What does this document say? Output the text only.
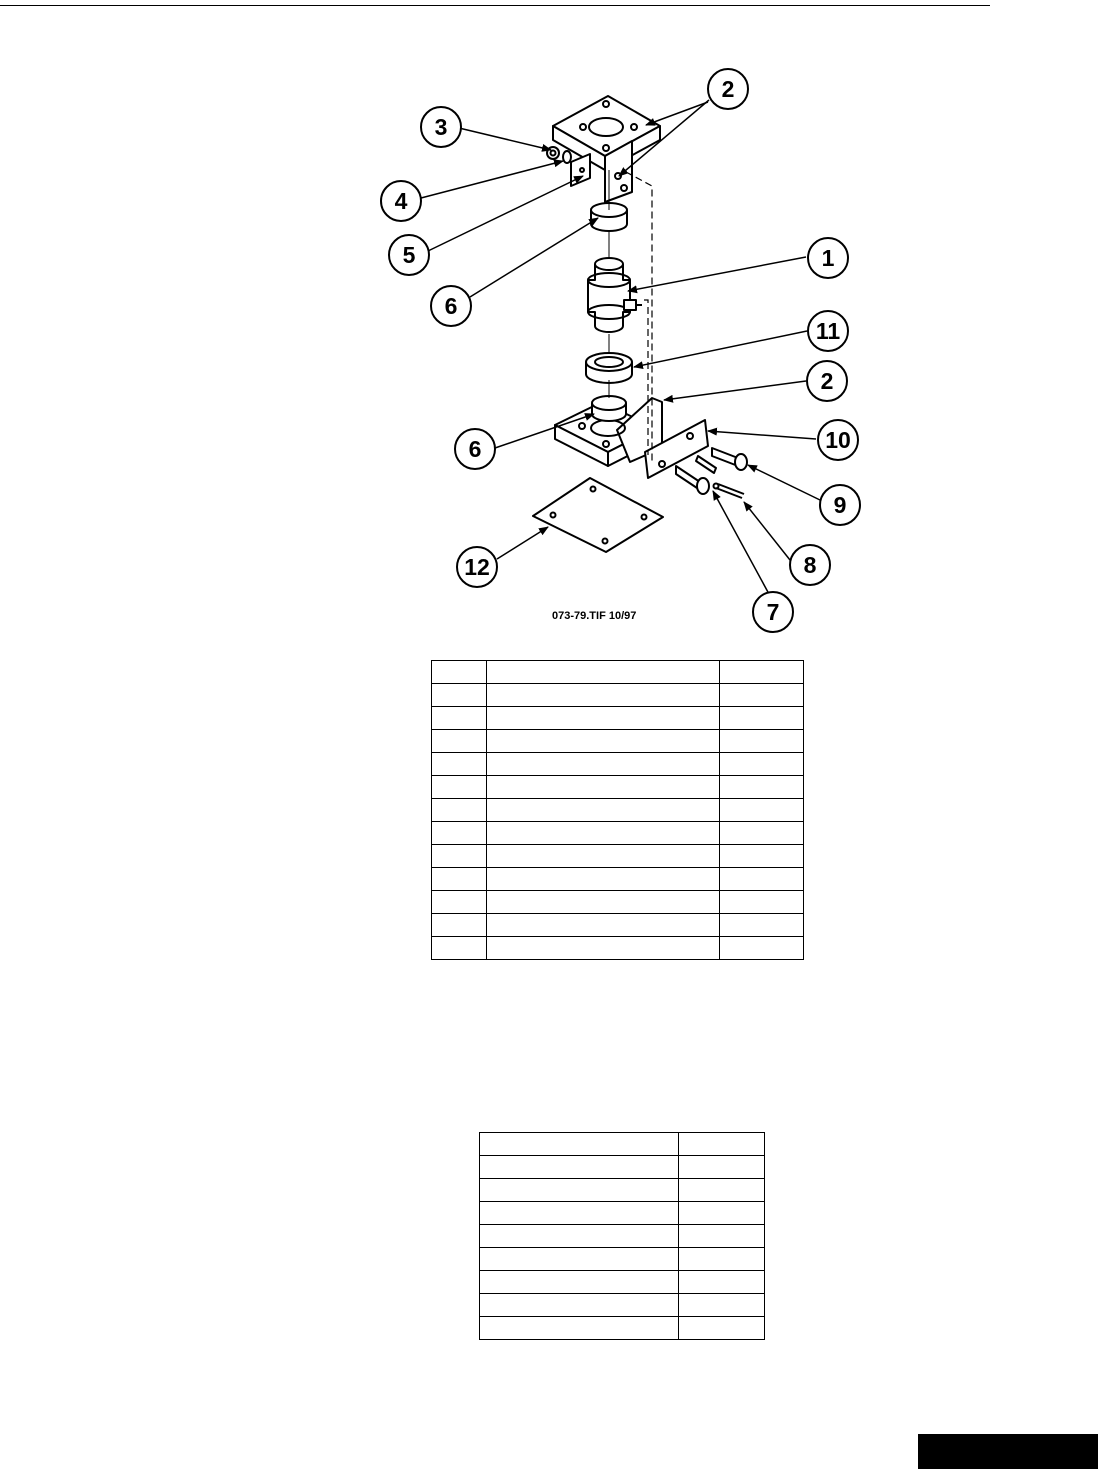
3
4
5
6
2
1
11
2
6	10
9
8
7
12
073-79.TIF 10/97
